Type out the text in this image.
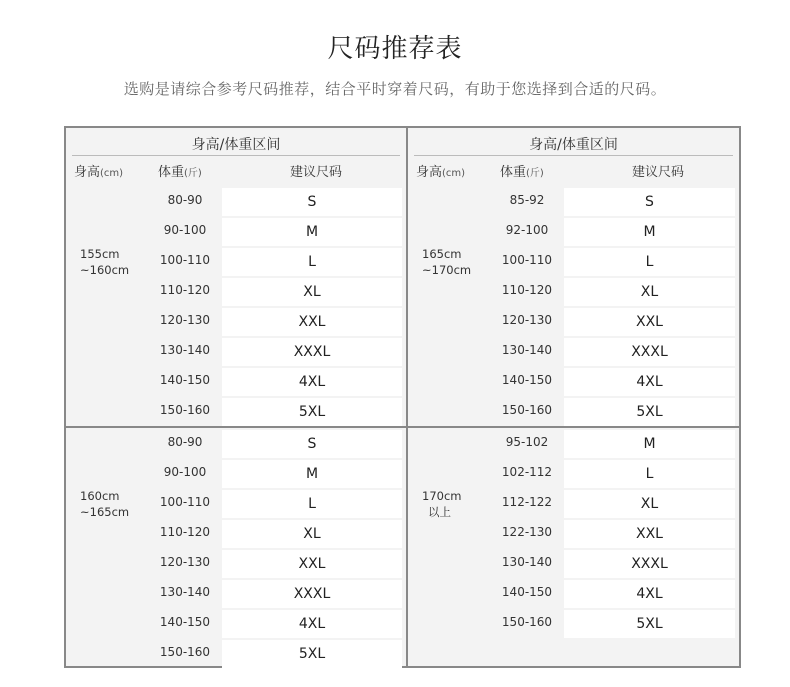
尺码推荐表
选购是请综合参考尺码推荐，结合平时穿着尺码，有助于您选择到合适的尺码。
身高/体重区间
身高(cm)	体重(斤)	建议尺码
身高/体重区间
身高(cm)	体重(斤)	建议尺码
155cm
~160cm
80-90	S
90-100	M
100-110	L
110-120	XL
120-130	XXL
130-140	XXXL
140-150	4XL
150-160	5XL
165cm
~170cm
85-92	S
92-100	M
100-110	L
110-120	XL
120-130	XXL
130-140	XXXL
140-150	4XL
150-160	5XL
160cm
~165cm
80-90	S
90-100	M
100-110	L
110-120	XL
120-130	XXL
130-140	XXXL
140-150	4XL
150-160	5XL
170cm
以上
95-102	M
102-112	L
112-122	XL
122-130	XXL
130-140	XXXL
140-150	4XL
150-160	5XL
